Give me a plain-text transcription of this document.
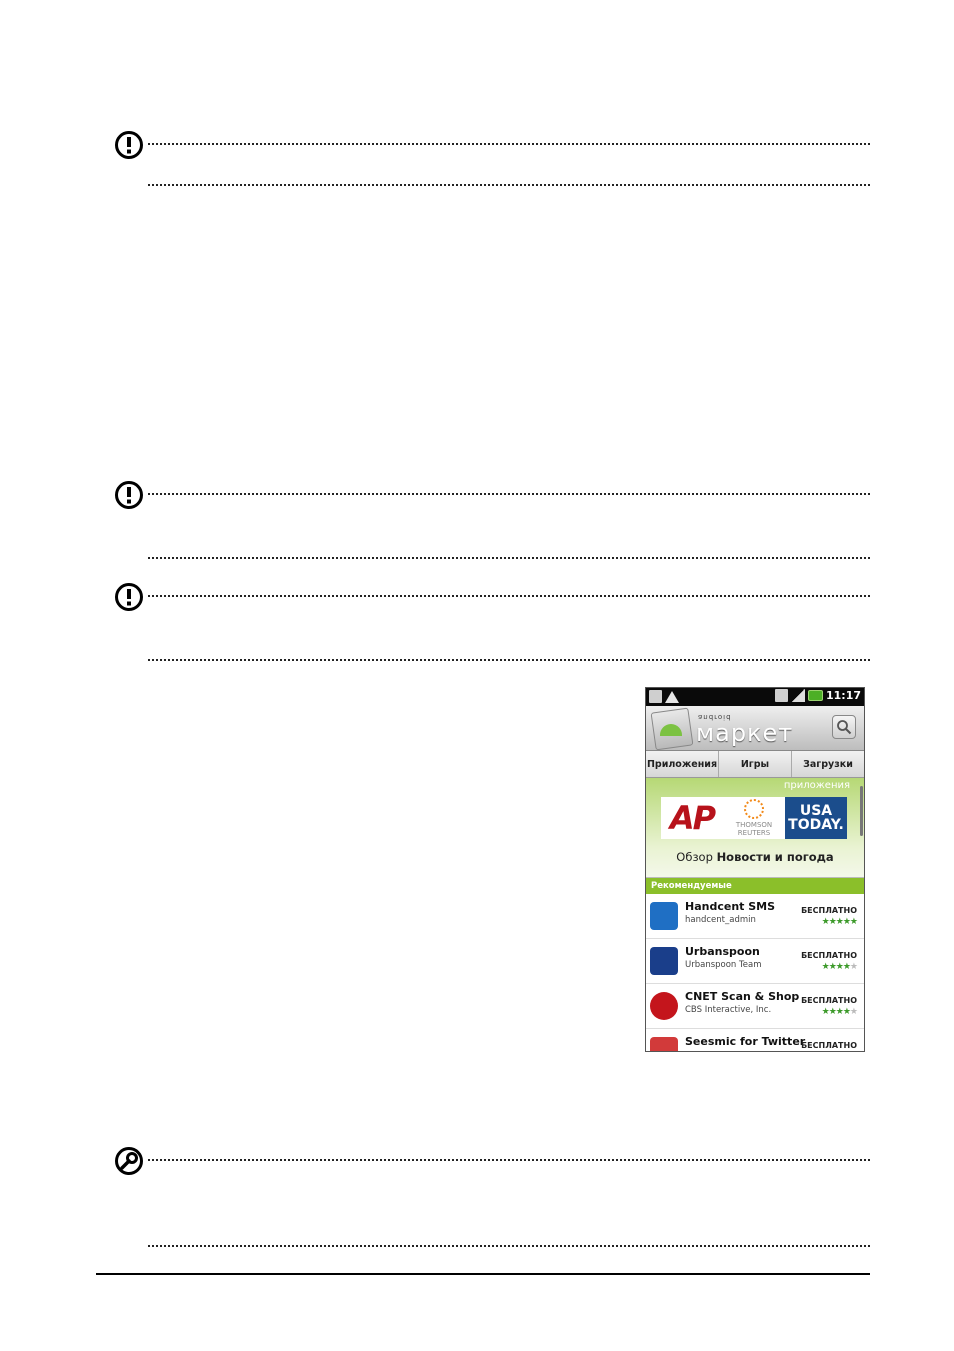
11:17
android
маркет
Приложения	Игры	Загрузки
приложения
AP	THOMSON
REUTERS
USA
TODAY.
Обзор Новости и погода
Рекомендуемые
Handcent SMS
handcent_admin
БЕСПЛАТНО
★★★★★
Urbanspoon
Urbanspoon Team
БЕСПЛАТНО
★★★★★
CNET Scan & Shop
CBS Interactive, Inc.
БЕСПЛАТНО
★★★★★
Seesmic for Twitter
БЕСПЛАТНО
